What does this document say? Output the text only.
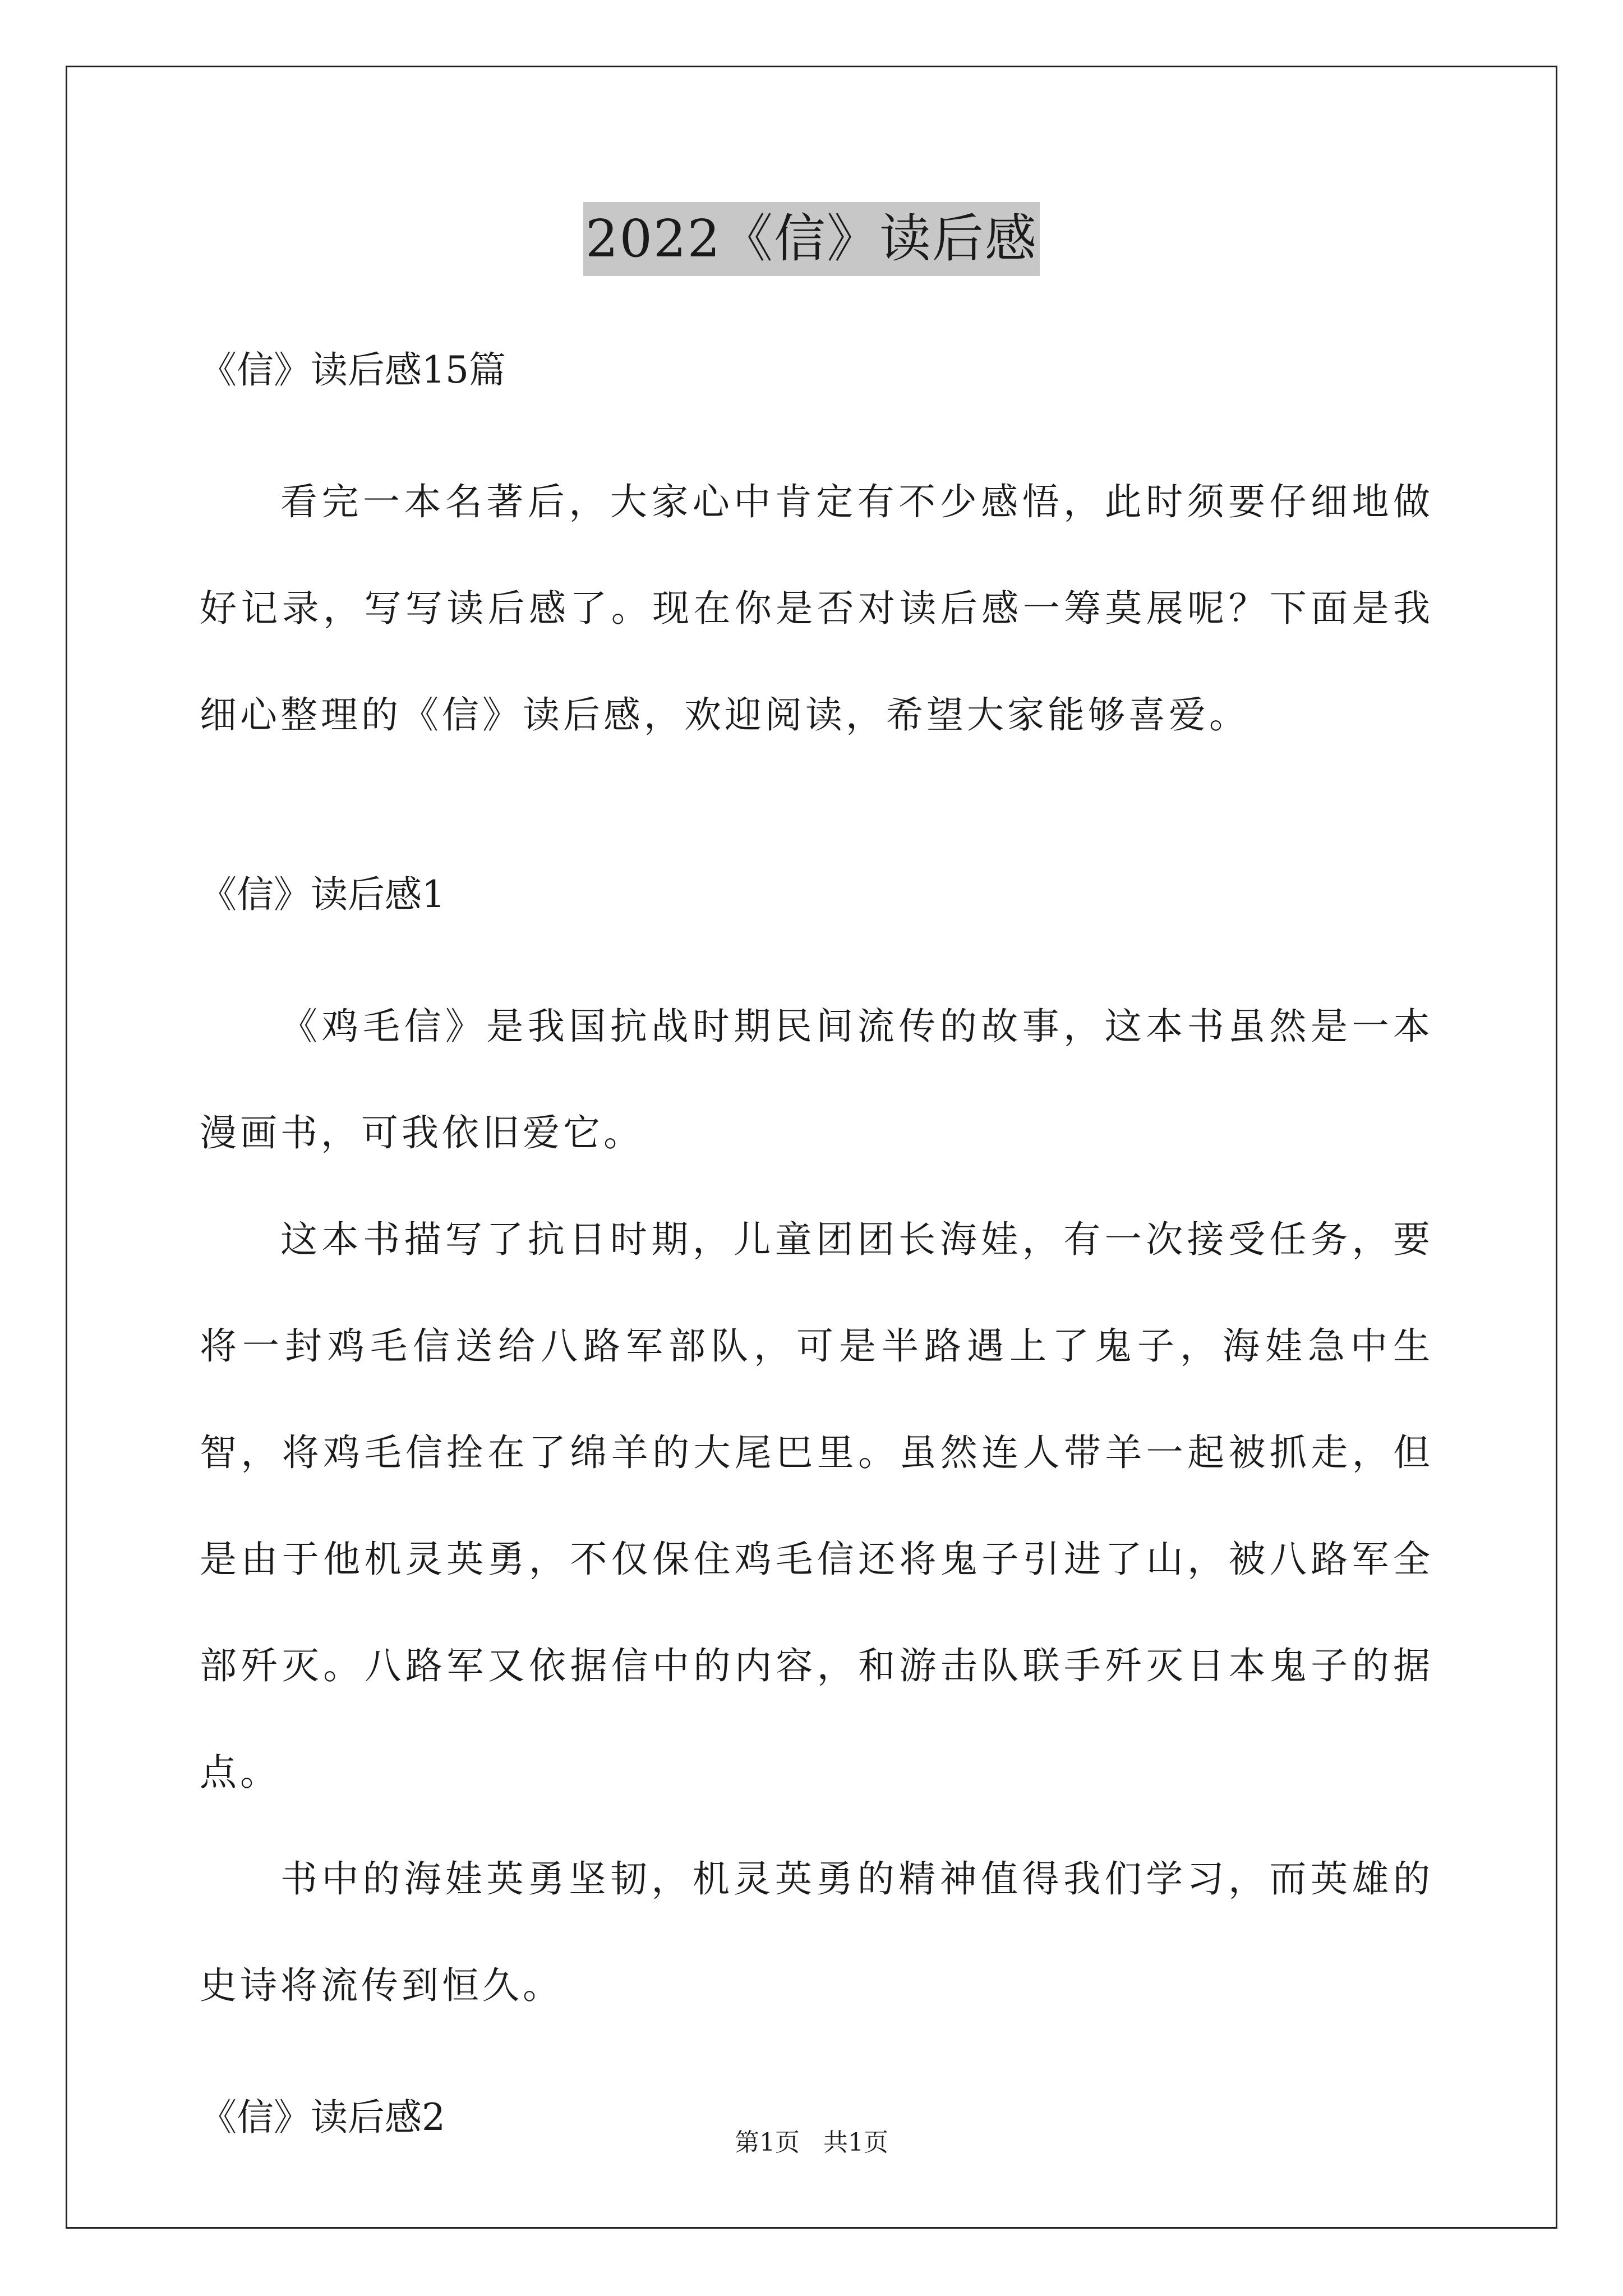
2022《信》读后感

《信》读后感15篇

看完一本名著后，大家心中肯定有不少感悟，此时须要仔细地做好记录，写写读后感了。现在你是否对读后感一筹莫展呢？下面是我细心整理的《信》读后感，欢迎阅读，希望大家能够喜爱。

《信》读后感1

《鸡毛信》是我国抗战时期民间流传的故事，这本书虽然是一本漫画书，可我依旧爱它。

这本书描写了抗日时期，儿童团团长海娃，有一次接受任务，要将一封鸡毛信送给八路军部队，可是半路遇上了鬼子，海娃急中生智，将鸡毛信拴在了绵羊的大尾巴里。虽然连人带羊一起被抓走，但是由于他机灵英勇，不仅保住鸡毛信还将鬼子引进了山，被八路军全部歼灭。八路军又依据信中的内容，和游击队联手歼灭日本鬼子的据点。

书中的海娃英勇坚韧，机灵英勇的精神值得我们学习，而英雄的史诗将流传到恒久。

《信》读后感2

第1页   共1页
